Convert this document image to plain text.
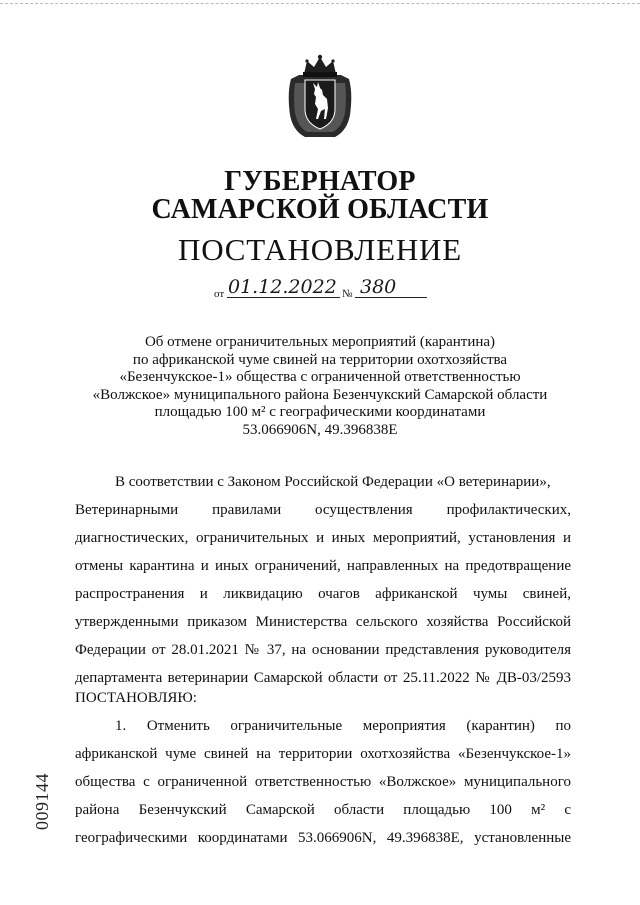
ГУБЕРНАТОР
САМАРСКОЙ ОБЛАСТИ
ПОСТАНОВЛЕНИЕ
от 01.12.2022 № 380
Об отмене ограничительных мероприятий (карантина)
по африканской чуме свиней на территории охотхозяйства
«Безенчукское-1» общества с ограниченной ответственностью
«Волжское» муниципального района Безенчукский Самарской области
площадью 100 м² с географическими координатами
53.066906N, 49.396838E
В соответствии с Законом Российской Федерации «О ветеринарии»,
Ветеринарными правилами осуществления профилактических,
диагностических, ограничительных и иных мероприятий, установления и
отмены карантина и иных ограничений, направленных на предотвращение
распространения и ликвидацию очагов африканской чумы свиней,
утвержденными приказом Министерства сельского хозяйства Российской
Федерации от 28.01.2021 № 37, на основании представления руководителя
департамента ветеринарии Самарской области от 25.11.2022 № ДВ-03/2593
ПОСТАНОВЛЯЮ:
1. Отменить ограничительные мероприятия (карантин) по
африканской чуме свиней на территории охотхозяйства «Безенчукское-1»
общества с ограниченной ответственностью «Волжское» муниципального
района Безенчукский Самарской области площадью 100 м² с
географическими координатами 53.066906N, 49.396838E, установленные
009144
